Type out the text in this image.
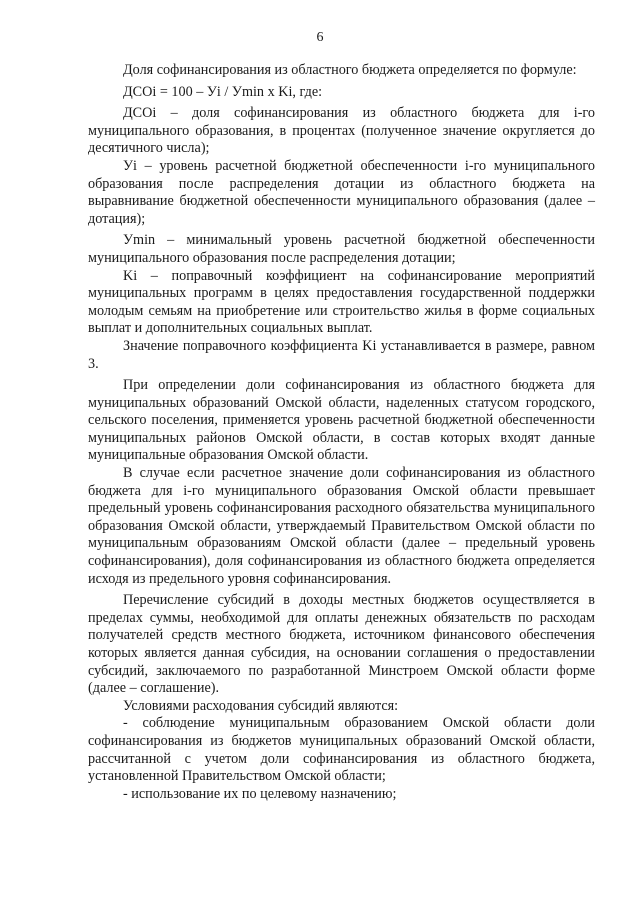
6

Доля софинансирования из областного бюджета определяется по формуле:

ДСОi = 100 – Уi / Уmin x Ki, где:

ДСОi – доля софинансирования из областного бюджета для i-го муниципального образования, в процентах (полученное значение округляется до десятичного числа);

Уi – уровень расчетной бюджетной обеспеченности i-го муниципального образования после распределения дотации из областного бюджета на выравнивание бюджетной обеспеченности муниципального образования (далее – дотация);

Уmin – минимальный уровень расчетной бюджетной обеспеченности муниципального образования после распределения дотации;

Ki – поправочный коэффициент на софинансирование мероприятий муниципальных программ в целях предоставления государственной поддержки молодым семьям на приобретение или строительство жилья в форме социальных выплат и дополнительных социальных выплат.

Значение поправочного коэффициента Ki устанавливается в размере, равном 3.

При определении доли софинансирования из областного бюджета для муниципальных образований Омской области, наделенных статусом городского, сельского поселения, применяется уровень расчетной бюджетной обеспеченности муниципальных районов Омской области, в состав которых входят данные муниципальные образования Омской области.

В случае если расчетное значение доли софинансирования из областного бюджета для i-го муниципального образования Омской области превышает предельный уровень софинансирования расходного обязательства муниципального образования Омской области, утверждаемый Правительством Омской области по муниципальным образованиям Омской области (далее – предельный уровень софинансирования), доля софинансирования из областного бюджета определяется исходя из предельного уровня софинансирования.

Перечисление субсидий в доходы местных бюджетов осуществляется в пределах суммы, необходимой для оплаты денежных обязательств по расходам получателей средств местного бюджета, источником финансового обеспечения которых является данная субсидия, на основании соглашения о предоставлении субсидий, заключаемого по разработанной Минстроем Омской области форме (далее – соглашение).

Условиями расходования субсидий являются:

- соблюдение муниципальным образованием Омской области доли софинансирования из бюджетов муниципальных образований Омской области, рассчитанной с учетом доли софинансирования из областного бюджета, установленной Правительством Омской области;

- использование их по целевому назначению;
